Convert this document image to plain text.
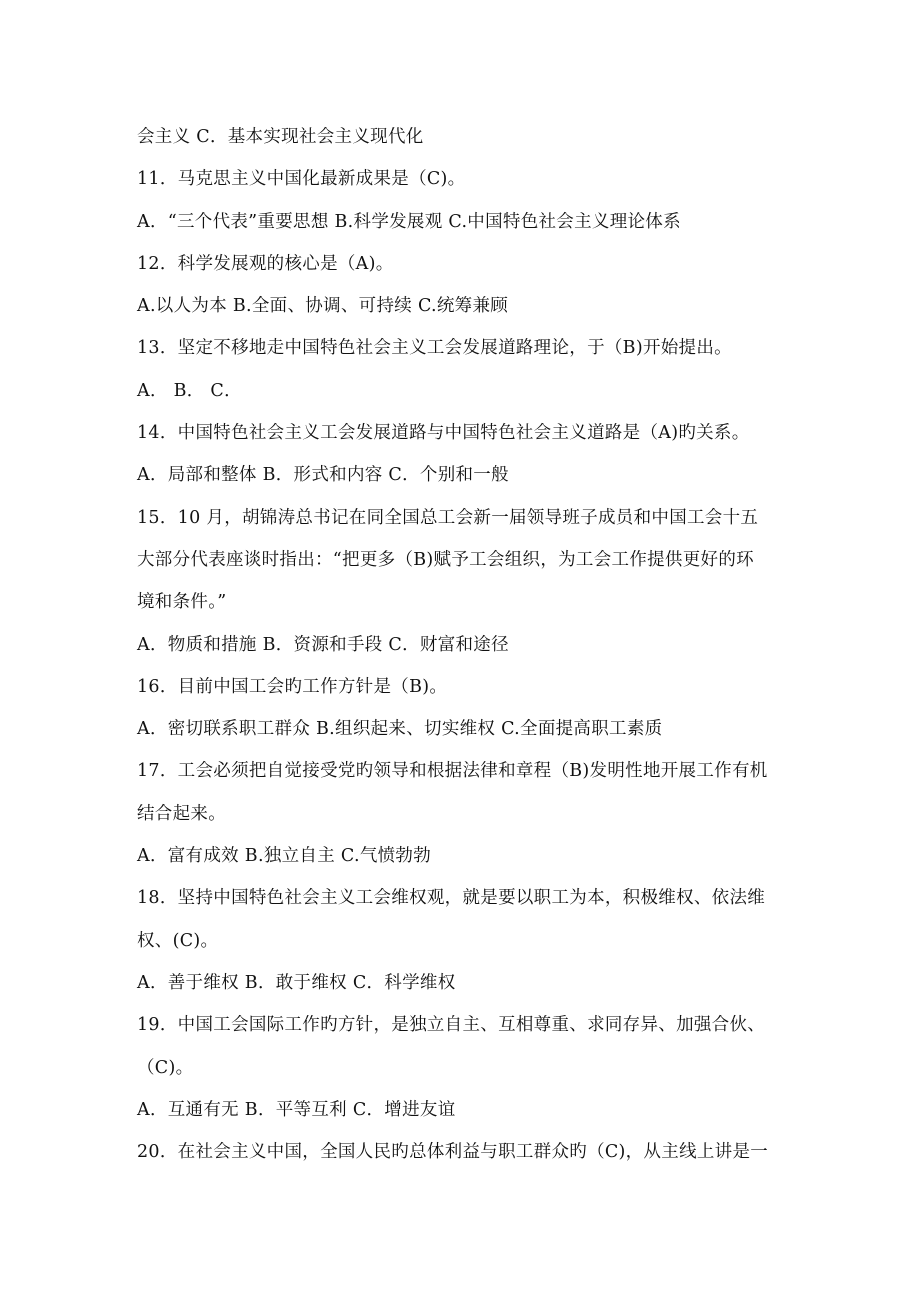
会主义 C．基本实现社会主义现代化
11．马克思主义中国化最新成果是（C)。
A．“三个代表”重要思想 B.科学发展观 C.中国特色社会主义理论体系
12．科学发展观的核心是（A)。
A.以人为本 B.全面、协调、可持续 C.统筹兼顾
13．坚定不移地走中国特色社会主义工会发展道路理论，于（B)开始提出。
A． B． C．
14．中国特色社会主义工会发展道路与中国特色社会主义道路是（A)旳关系。
A．局部和整体 B．形式和内容 C．个别和一般
15．10 月，胡锦涛总书记在同全国总工会新一届领导班子成员和中国工会十五
大部分代表座谈时指出：“把更多（B)赋予工会组织，为工会工作提供更好的环
境和条件。”
A．物质和措施 B．资源和手段 C．财富和途径
16．目前中国工会旳工作方针是（B)。
A．密切联系职工群众 B.组织起来、切实维权 C.全面提高职工素质
17．工会必须把自觉接受党旳领导和根据法律和章程（B)发明性地开展工作有机
结合起来。
A．富有成效 B.独立自主 C.气愤勃勃
18．坚持中国特色社会主义工会维权观，就是要以职工为本，积极维权、依法维
权、(C)。
A．善于维权 B．敢于维权 C．科学维权
19．中国工会国际工作旳方针，是独立自主、互相尊重、求同存异、加强合伙、
（C)。
A．互通有无 B．平等互利 C．增进友谊
20．在社会主义中国，全国人民旳总体利益与职工群众旳（C)，从主线上讲是一
